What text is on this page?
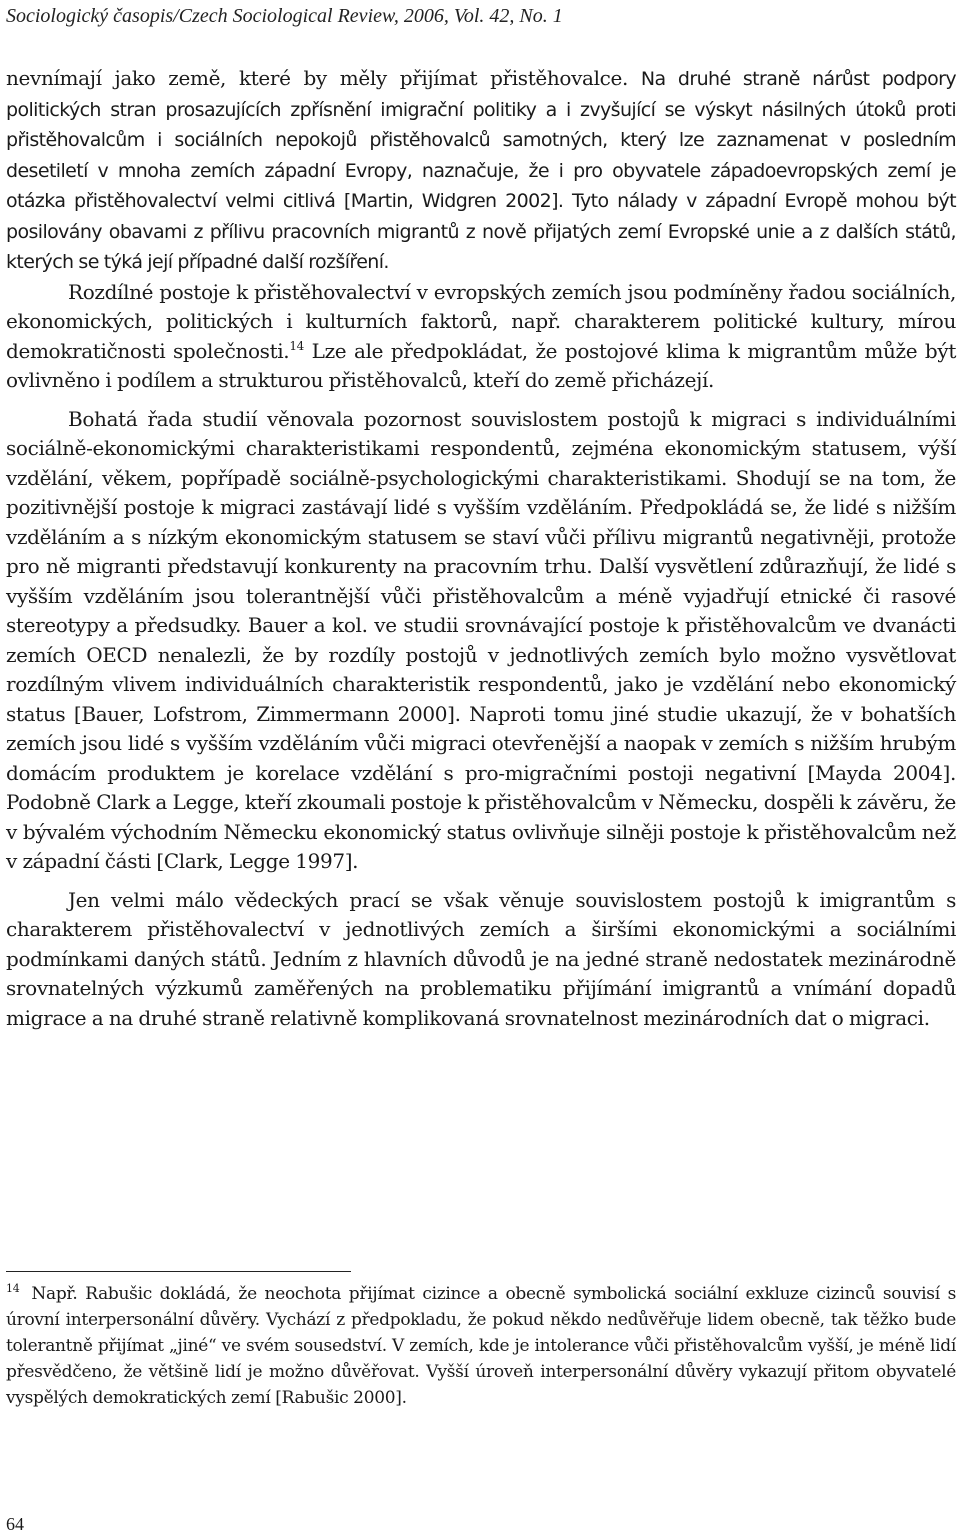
Sociologický časopis/Czech Sociological Review, 2006, Vol. 42, No. 1

nevnímají jako země, které by měly přijímat přistěhovalce. Na druhé straně nárůst podpory politických stran prosazujících zpřísnění imigrační politiky a i zvyšující se výskyt násilných útoků proti přistěhovalcům i sociálních nepokojů přistěhovalců samotných, který lze zaznamenat v posledním desetiletí v mnoha zemích západní Evropy, naznačuje, že i pro obyvatele západoevropských zemí je otázka přistěhovalectví velmi citlivá [Martin, Widgren 2002]. Tyto nálady v západní Evropě mohou být posilovány obavami z přílivu pracovních migrantů z nově přijatých zemí Evropské unie a z dalších států, kterých se týká její případné další rozšíření.

Rozdílné postoje k přistěhovalectví v evropských zemích jsou podmíněny řadou sociálních, ekonomických, politických i kulturních faktorů, např. charakterem politické kultury, mírou demokratičnosti společnosti.$^{14}$ Lze ale předpokládat, že postojové klima k migrantům může být ovlivněno i podílem a strukturou přistěhovalců, kteří do země přicházejí.

Bohatá řada studií věnovala pozornost souvislostem postojů k migraci s individuálními sociálně-ekonomickými charakteristikami respondentů, zejména ekonomickým statusem, výší vzdělání, věkem, popřípadě sociálně-psychologickými charakteristikami. Shodují se na tom, že pozitivnější postoje k migraci zastávají lidé s vyšším vzděláním. Předpokládá se, že lidé s nižším vzděláním a s nízkým ekonomickým statusem se staví vůči přílivu migrantů negativněji, protože pro ně migranti představují konkurenty na pracovním trhu. Další vysvětlení zdůrazňují, že lidé s vyšším vzděláním jsou tolerantnější vůči přistěhovalcům a méně vyjadřují etnické či rasové stereotypy a předsudky. Bauer a kol. ve studii srovnávající postoje k přistěhovalcům ve dvanácti zemích OECD nenalezli, že by rozdíly postojů v jednotlivých zemích bylo možno vysvětlovat rozdílným vlivem individuálních charakteristik respondentů, jako je vzdělání nebo ekonomický status [Bauer, Lofstrom, Zimmermann 2000]. Naproti tomu jiné studie ukazují, že v bohatších zemích jsou lidé s vyšším vzděláním vůči migraci otevřenější a naopak v zemích s nižším hrubým domácím produktem je korelace vzdělání s pro-migračními postoji negativní [Mayda 2004]. Podobně Clark a Legge, kteří zkoumali postoje k přistěhovalcům v Německu, dospěli k závěru, že v bývalém východním Německu ekonomický status ovlivňuje silněji postoje k přistěhovalcům než v západní části [Clark, Legge 1997].

Jen velmi málo vědeckých prací se však věnuje souvislostem postojů k imigrantům s charakterem přistěhovalectví v jednotlivých zemích a širšími ekonomickými a sociálními podmínkami daných států. Jedním z hlavních důvodů je na jedné straně nedostatek mezinárodně srovnatelných výzkumů zaměřených na problematiku přijímání imigrantů a vnímání dopadů migrace a na druhé straně relativně komplikovaná srovnatelnost mezinárodních dat o migraci.

$^{14}$ Např. Rabušic dokládá, že neochota přijímat cizince a obecně symbolická sociální exkluze cizinců souvisí s úrovní interpersonální důvěry. Vychází z předpokladu, že pokud někdo nedůvěřuje lidem obecně, tak těžko bude tolerantně přijímat „jiné“ ve svém sousedství. V zemích, kde je intolerance vůči přistěhovalcům vyšší, je méně lidí přesvědčeno, že většině lidí je možno důvěřovat. Vyšší úroveň interpersonální důvěry vykazují přitom obyvatelé vyspělých demokratických zemí [Rabušic 2000].
64
